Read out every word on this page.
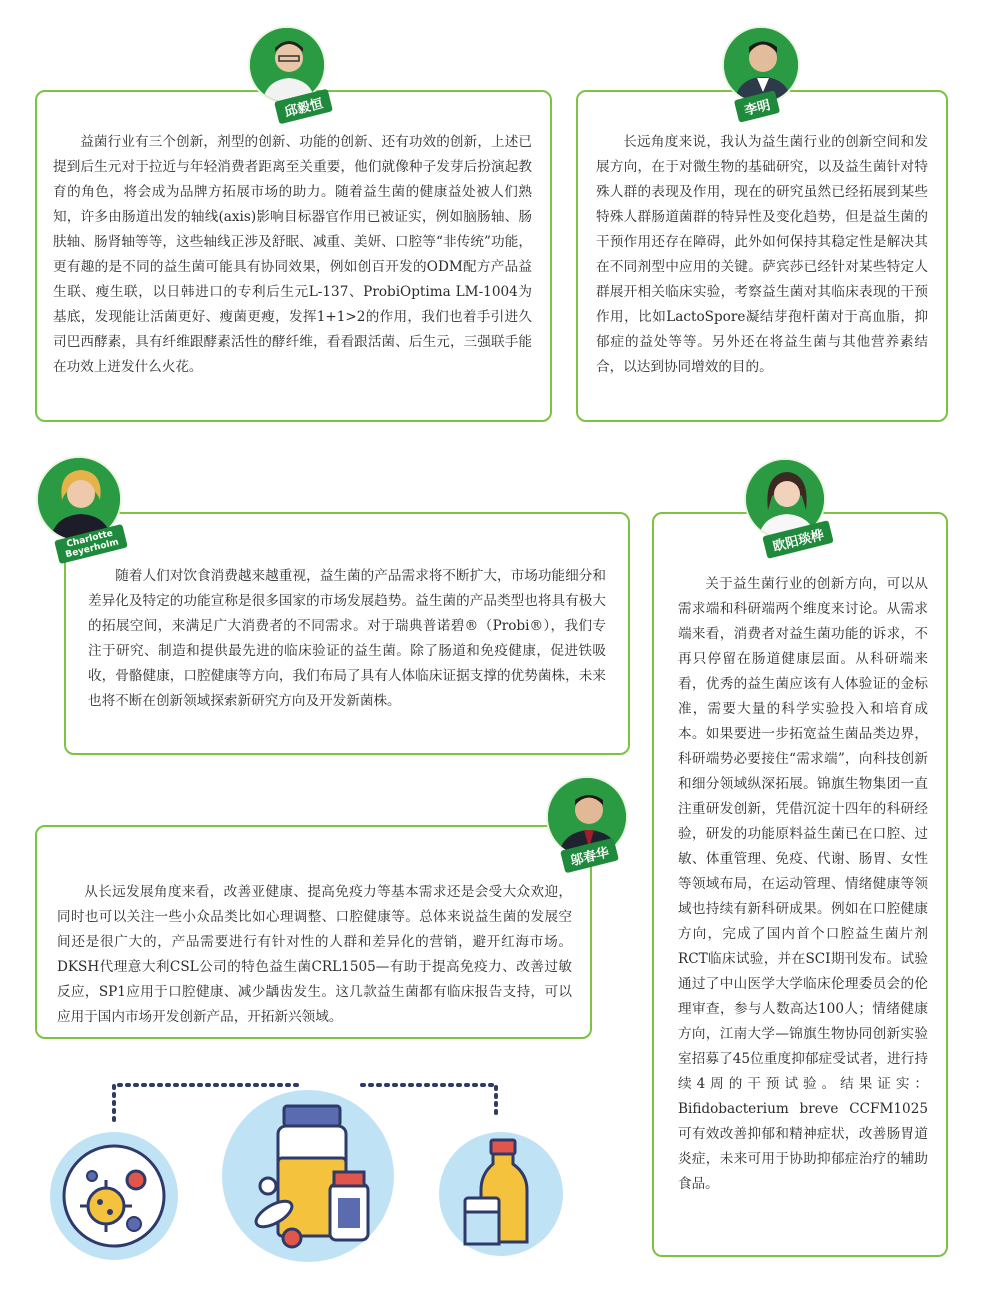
益菌行业有三个创新，剂型的创新、功能的创新、还有功效的创新，上述已提到后生元对于拉近与年轻消费者距离至关重要，他们就像种子发芽后扮演起教育的角色，将会成为品牌方拓展市场的助力。随着益生菌的健康益处被人们熟知，许多由肠道出发的轴线(axis)影响目标器官作用已被证实，例如脑肠轴、肠肤轴、肠肾轴等等，这些轴线正涉及舒眠、减重、美妍、口腔等“非传统”功能，更有趣的是不同的益生菌可能具有协同效果，例如创百开发的ODM配方产品益生联、瘦生联，以日韩进口的专利后生元L-137、ProbiOptima LM-1004为基底，发现能让活菌更好、瘦菌更瘦，发挥1+1>2的作用，我们也着手引进久司巴西酵素，具有纤维跟酵素活性的酵纤维，看看跟活菌、后生元，三强联手能在功效上迸发什么火花。

邱毅恒

长远角度来说，我认为益生菌行业的创新空间和发展方向，在于对微生物的基础研究，以及益生菌针对特殊人群的表现及作用，现在的研究虽然已经拓展到某些特殊人群肠道菌群的特异性及变化趋势，但是益生菌的干预作用还存在障碍，此外如何保持其稳定性是解决其在不同剂型中应用的关键。萨宾莎已经针对某些特定人群展开相关临床实验，考察益生菌对其临床表现的干预作用，比如LactoSpore凝结芽孢杆菌对于高血脂，抑郁症的益处等等。另外还在将益生菌与其他营养素结合，以达到协同增效的目的。

李明

随着人们对饮食消费越来越重视，益生菌的产品需求将不断扩大，市场功能细分和差异化及特定的功能宣称是很多国家的市场发展趋势。益生菌的产品类型也将具有极大的拓展空间，来满足广大消费者的不同需求。对于瑞典普诺碧®（Probi®），我们专注于研究、制造和提供最先进的临床验证的益生菌。除了肠道和免疫健康，促进铁吸收，骨骼健康，口腔健康等方向，我们布局了具有人体临床证据支撑的优势菌株，未来也将不断在创新领域探索新研究方向及开发新菌株。

Charlotte Beyerholm

关于益生菌行业的创新方向，可以从需求端和科研端两个维度来讨论。从需求端来看，消费者对益生菌功能的诉求，不再只停留在肠道健康层面。从科研端来看，优秀的益生菌应该有人体验证的金标准，需要大量的科学实验投入和培育成本。如果要进一步拓宽益生菌品类边界，科研端势必要接住“需求端”，向科技创新和细分领域纵深拓展。锦旗生物集团一直注重研发创新，凭借沉淀十四年的科研经验，研发的功能原料益生菌已在口腔、过敏、体重管理、免疫、代谢、肠胃、女性等领域布局，在运动管理、情绪健康等领域也持续有新科研成果。例如在口腔健康方向，完成了国内首个口腔益生菌片剂RCT临床试验，并在SCI期刊发布。试验通过了中山医学大学临床伦理委员会的伦理审查，参与人数高达100人；情绪健康方向，江南大学—锦旗生物协同创新实验室招募了45位重度抑郁症受试者，进行持续4周的干预试验。结果证实：Bifidobacterium breve CCFM1025可有效改善抑郁和精神症状，改善肠胃道炎症，未来可用于协助抑郁症治疗的辅助食品。

欧阳琰桦

从长远发展角度来看，改善亚健康、提高免疫力等基本需求还是会受大众欢迎，同时也可以关注一些小众品类比如心理调整、口腔健康等。总体来说益生菌的发展空间还是很广大的，产品需要进行有针对性的人群和差异化的营销，避开红海市场。DKSH代理意大利CSL公司的特色益生菌CRL1505—有助于提高免疫力、改善过敏反应，SP1应用于口腔健康、减少龋齿发生。这几款益生菌都有临床报告支持，可以应用于国内市场开发创新产品，开拓新兴领域。

邬春华
